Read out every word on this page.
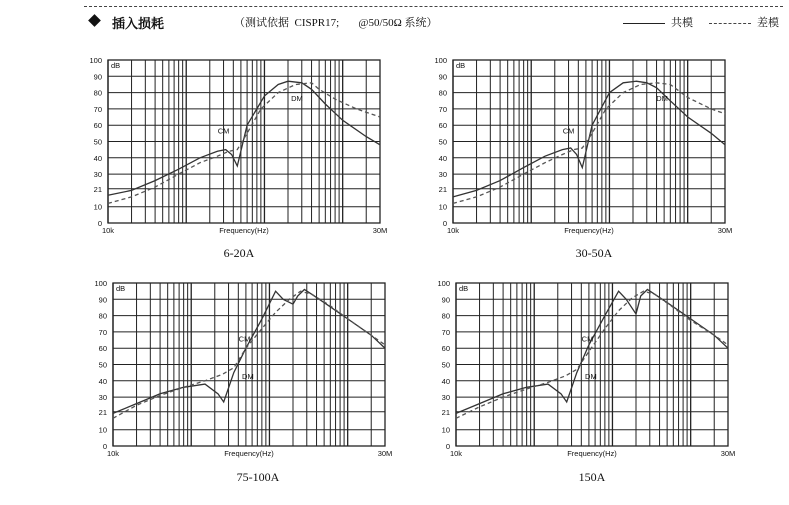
插入损耗	（测试依据  CISPR17;       @50/50Ω 系统）	共模	差模
0
10
21
30
40
50
60
70
80
90
100
dB
10k	30M
Frequency(Hz)
CM
DM
6-20A
0
10
21
30
40
50
60
70
80
90
100
dB
10k	30M
Frequency(Hz)
CM
DM
30-50A
0
10
21
30
40
50
60
70
80
90
100
dB
10k	30M
Frequency(Hz)
CM
DM
75-100A
0
10
21
30
40
50
60
70
80
90
100
dB
10k	30M
Frequency(Hz)
CM
DM
150A
